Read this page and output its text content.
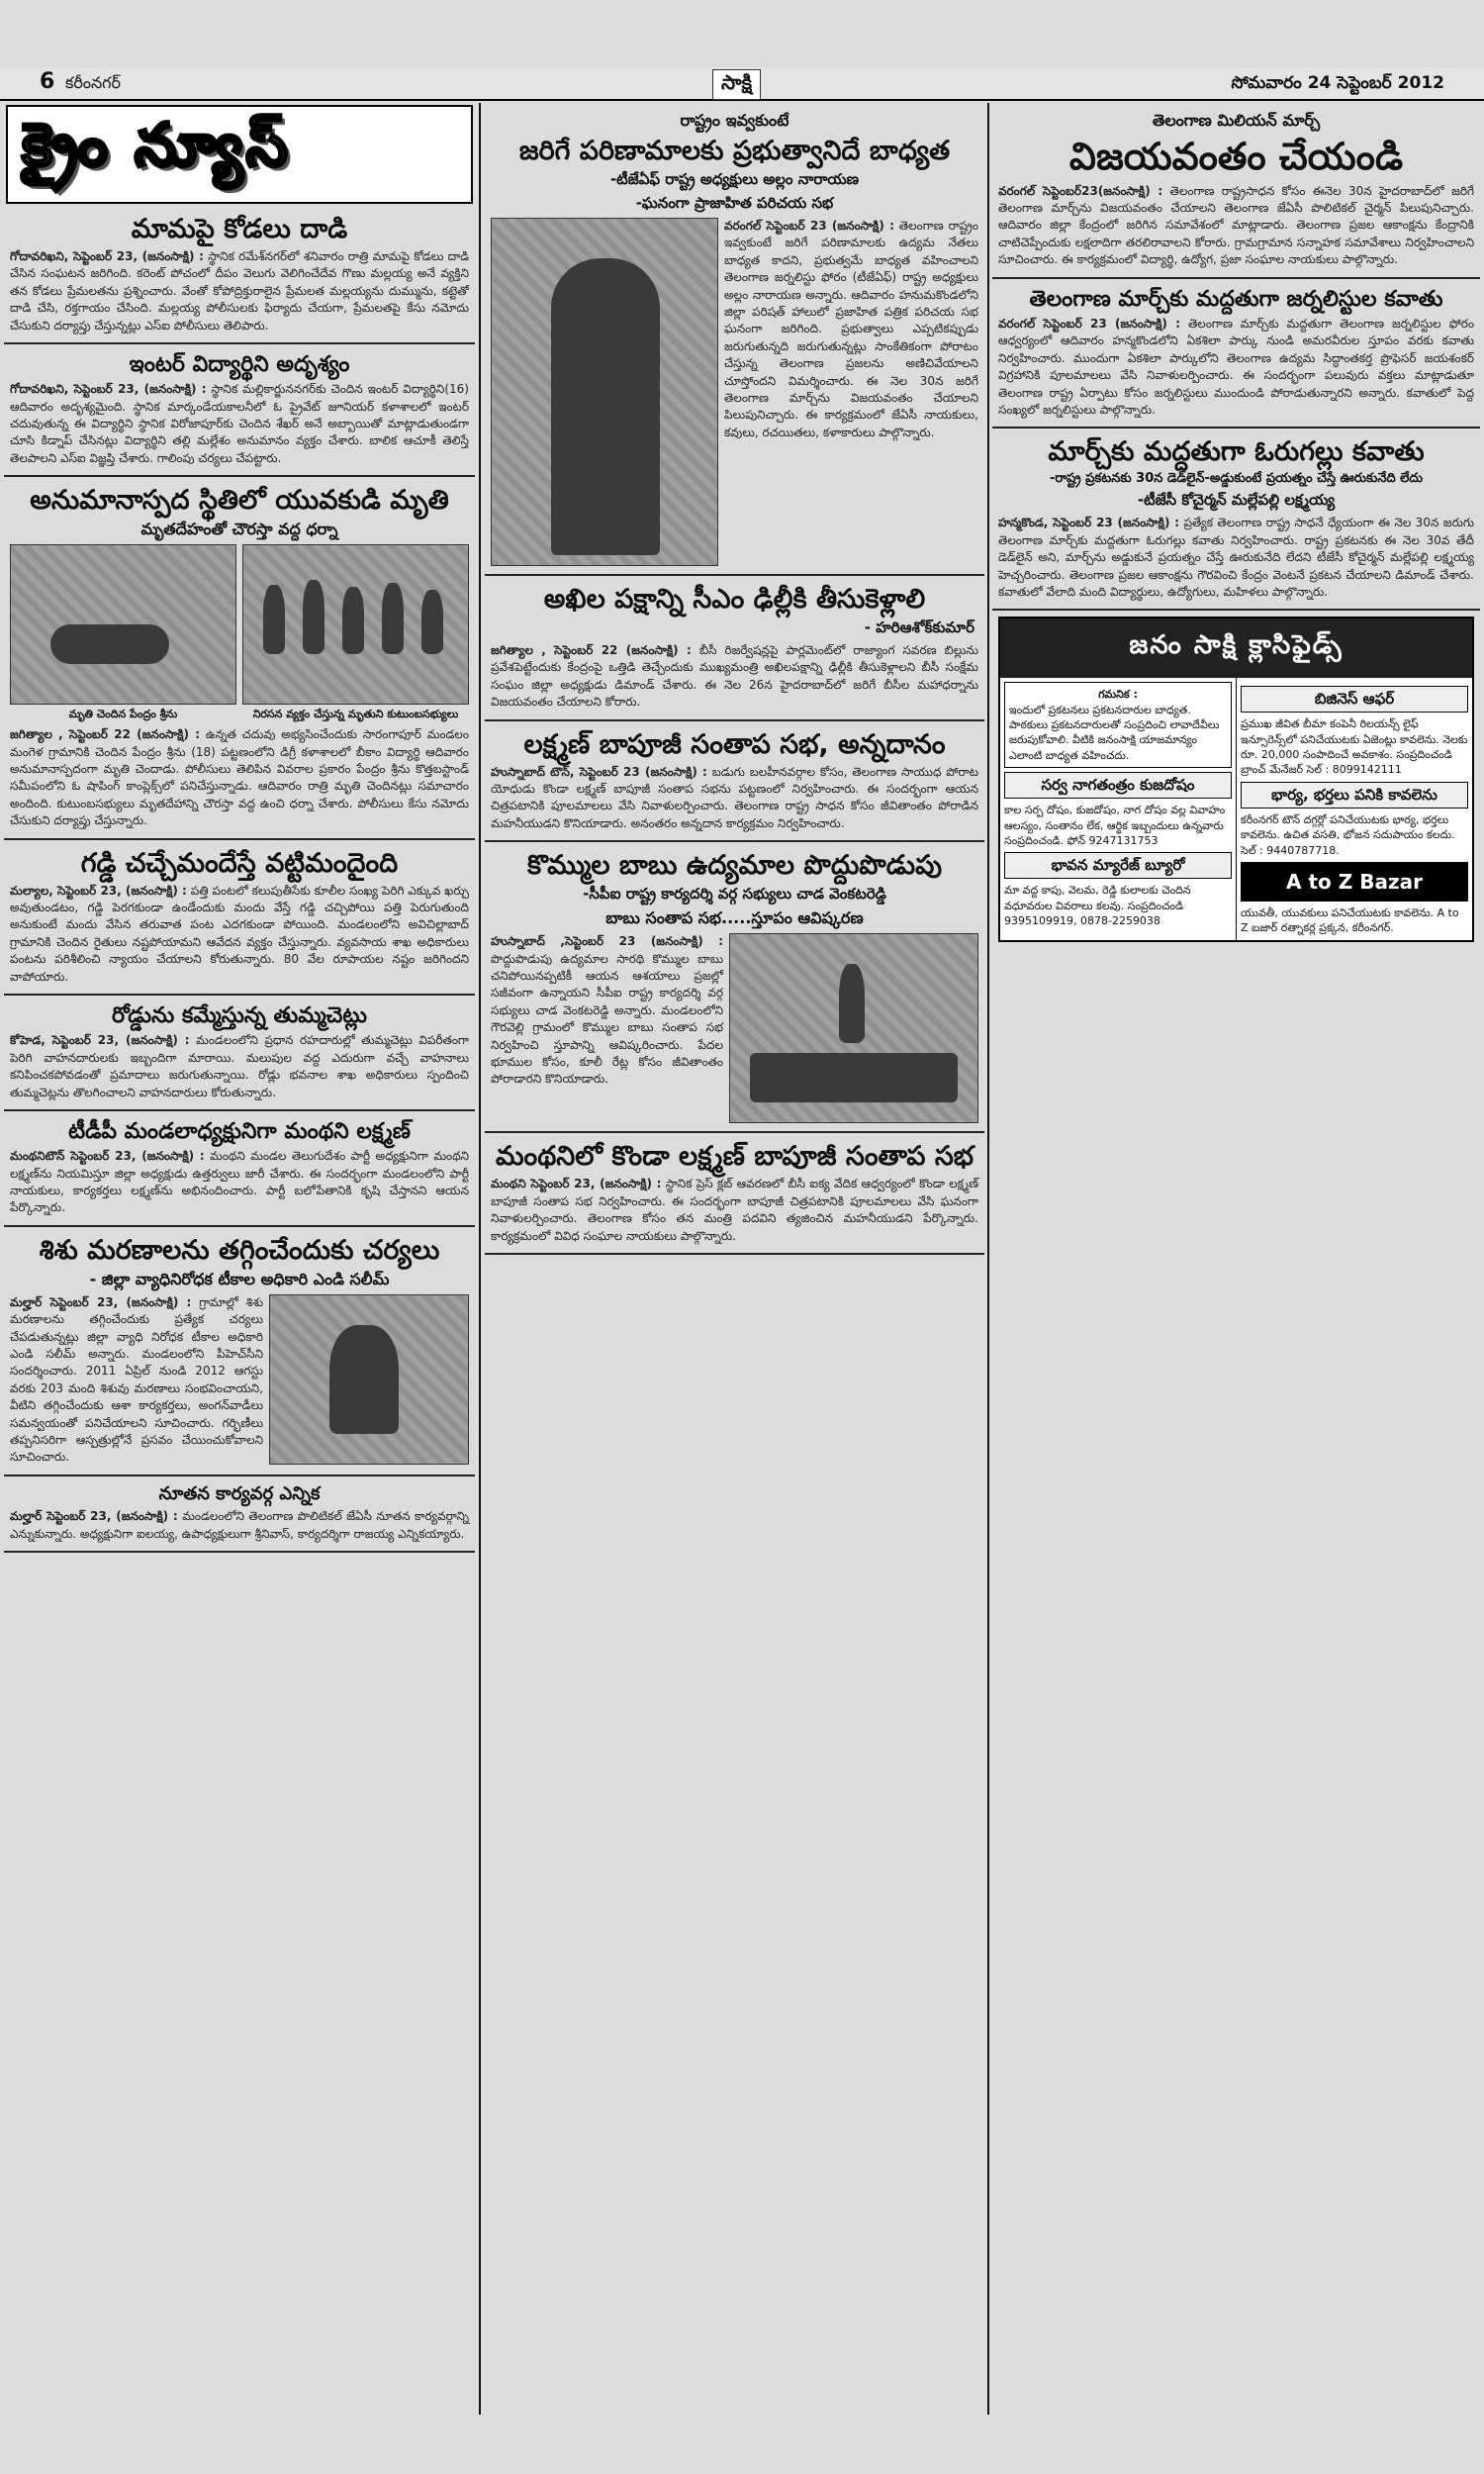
6 కరీంనగర్	సాక్షి	సోమవారం 24 సెప్టెంబర్ 2012
క్రైం న్యూస్
మామపై కోడలు దాడి
గోదావరిఖని, సెప్టెంబర్ 23, (జనంసాక్షి) : స్థానిక రమేశ్‌నగర్‌లో శనివారం రాత్రి మామపై కోడలు దాడి చేసిన సంఘటన జరిగింది. కరెంట్ పోచంలో దీపం వెలుగు వెలిగించేదేవ గొణు మల్లయ్య అనే వ్యక్తిని తన కోడలు ప్రేమలతను ప్రశ్నించారు. వేంతో కోపోద్రిక్తురాలైన ప్రేమలత మల్లయ్యను దుమ్మును, కట్టెతో దాడి చేసి, రక్తగాయం చేసింది. మల్లయ్య పోలీసులకు ఫిర్యాదు చేయగా, ప్రేమలతపై కేసు నమోదు చేసుకుని దర్యాప్తు చేస్తున్నట్లు ఎస్‌ఐ పోలీసులు తెలిపారు.
ఇంటర్ విద్యార్థిని అదృశ్యం
గోదావరిఖని, సెప్టెంబర్ 23, (జనంసాక్షి) : స్థానిక మల్లికార్జుననగర్‌కు చెందిన ఇంటర్ విద్యార్థిని(16) ఆదివారం అదృశ్యమైంది. స్థానిక మార్కండేయకాలనీలో ఓ ప్రైవేట్ జూనియర్ కళాశాలలో ఇంటర్ చదువుతున్న ఈ విద్యార్థిని స్థానిక విరోజాపూర్‌కు చెందిన శేఖర్ అనే అబ్బాయితో మాట్లాడుతుండగా చూసి కిడ్నాప్ చేసినట్లు విద్యార్థిని తల్లి మల్లేశం అనుమానం వ్యక్తం చేశారు. బాలిక ఆచూకీ తెలిస్తే తెలపాలని ఎస్‌ఐ విజ్ఞప్తి చేశారు. గాలింపు చర్యలు చేపట్టారు.
అనుమానాస్పద స్థితిలో యువకుడి మృతి
మృతదేహంతో చౌరస్తా వద్ద ధర్నా
మృతి చెందిన పేంద్రం శ్రీను	నిరసన వ్యక్తం చేస్తున్న మృతుని కుటుంబసభ్యులు
జగిత్యాల , సెప్టెంబర్ 22 (జనంసాక్షి) : ఉన్నత చదువు అభ్యసించేందుకు సారంగాపూర్ మండలం మంగెళ గ్రామానికి చెందిన పేంద్రం శ్రీను (18) పట్టణంలోని డిగ్రీ కళాశాలలో బీకాం విద్యార్థి ఆదివారం అనుమానాస్పదంగా మృతి చెందాడు. పోలీసులు తెలిపిన వివరాల ప్రకారం పేంద్రం శ్రీను కొత్తబస్టాండ్ సమీపంలోని ఓ షాపింగ్ కాంప్లెక్స్‌లో పనిచేస్తున్నాడు. ఆదివారం రాత్రి మృతి చెందినట్లు సమాచారం అందింది. కుటుంబసభ్యులు మృతదేహాన్ని చౌరస్తా వద్ద ఉంచి ధర్నా చేశారు. పోలీసులు కేసు నమోదు చేసుకుని దర్యాప్తు చేస్తున్నారు.
గడ్డి చచ్చేమందేస్తే వట్టిమందైంది
మల్యాల, సెప్టెంబర్ 23, (జనంసాక్షి) : పత్తి పంటలో కలుపుతీసేకు కూలీల సంఖ్య పెరిగి ఎక్కువ ఖర్చు అవుతుండటం, గడ్డి పెరగకుండా ఉండేందుకు మందు వేస్తే గడ్డి చచ్చిపోయి పత్తి పెరుగుతుంది అనుకుంటే మందు వేసిన తరువాత పంట ఎదగకుండా పోయింది. మండలంలోని అవిచిల్లాబాద్ గ్రామానికి చెందిన రైతులు నష్టపోయామని ఆవేదన వ్యక్తం చేస్తున్నారు. వ్యవసాయ శాఖ అధికారులు పంటను పరిశీలించి న్యాయం చేయాలని కోరుతున్నారు. 80 వేల రూపాయల నష్టం జరిగిందని వాపోయారు.
రోడ్డును కమ్మేస్తున్న తుమ్మచెట్లు
కోహెడ, సెప్టెంబర్ 23, (జనంసాక్షి) : మండలంలోని ప్రధాన రహదారుల్లో తుమ్మచెట్లు విపరీతంగా పెరిగి వాహనదారులకు ఇబ్బందిగా మారాయి. మలుపుల వద్ద ఎదురుగా వచ్చే వాహనాలు కనిపించకపోవడంతో ప్రమాదాలు జరుగుతున్నాయి. రోడ్లు భవనాల శాఖ అధికారులు స్పందించి తుమ్మచెట్లను తొలగించాలని వాహనదారులు కోరుతున్నారు.
టీడీపీ మండలాధ్యక్షునిగా మంథని లక్ష్మణ్
మంథనిటౌన్ సెప్టెంబర్ 23, (జనంసాక్షి) : మంథని మండల తెలుగుదేశం పార్టీ అధ్యక్షునిగా మంథని లక్ష్మణ్‌ను నియమిస్తూ జిల్లా అధ్యక్షుడు ఉత్తర్వులు జారీ చేశారు. ఈ సందర్భంగా మండలంలోని పార్టీ నాయకులు, కార్యకర్తలు లక్ష్మణ్‌ను అభినందించారు. పార్టీ బలోపేతానికి కృషి చేస్తానని ఆయన పేర్కొన్నారు.
శిశు మరణాలను తగ్గించేందుకు చర్యలు
- జిల్లా వ్యాధినిరోధక టీకాల అధికారి ఎండి సలీమ్
మల్హార్ సెప్టెంబర్ 23, (జనంసాక్షి) : గ్రామాల్లో శిశు మరణాలను తగ్గించేందుకు ప్రత్యేక చర్యలు చేపడుతున్నట్లు జిల్లా వ్యాధి నిరోధక టీకాల అధికారి ఎండి సలీమ్ అన్నారు. మండలంలోని పీహెచ్‌సీని సందర్శించారు. 2011 ఏప్రిల్ నుండి 2012 ఆగస్టు వరకు 203 మంది శిశువు మరణాలు సంభవించాయని, వీటిని తగ్గించేందుకు ఆశా కార్యకర్తలు, అంగన్‌వాడీలు సమన్వయంతో పనిచేయాలని సూచించారు. గర్భిణీలు తప్పనిసరిగా ఆస్పత్రుల్లోనే ప్రసవం చేయించుకోవాలని సూచించారు.
నూతన కార్యవర్గ ఎన్నిక
మల్హార్ సెప్టెంబర్ 23, (జనంసాక్షి) : మండలంలోని తెలంగాణ పొలిటికల్ జేఏసీ నూతన కార్యవర్గాన్ని ఎన్నుకున్నారు. అధ్యక్షునిగా ఐలయ్య, ఉపాధ్యక్షులుగా శ్రీనివాస్, కార్యదర్శిగా రాజయ్య ఎన్నికయ్యారు.
రాష్ట్రం ఇవ్వకుంటే
జరిగే పరిణామాలకు ప్రభుత్వానిదే బాధ్యత
-టీజేఏఫ్ రాష్ట్ర అధ్యక్షులు అల్లం నారాయణ
-ఘనంగా ప్రాజాహిత పరిచయ సభ
వరంగల్ సెప్టెంబర్ 23 (జనంసాక్షి) : తెలంగాణ రాష్ట్రం ఇవ్వకుంటే జరిగే పరిణామాలకు ఉద్యమ నేతలు బాధ్యత కాదని, ప్రభుత్వమే బాధ్యత వహించాలని తెలంగాణ జర్నలిస్టు ఫోరం (టీజేఏఫ్) రాష్ట్ర అధ్యక్షులు అల్లం నారాయణ అన్నారు. ఆదివారం హనుమకొండలోని జిల్లా పరిషత్ హాలులో ప్రజాహిత పత్రిక పరిచయ సభ ఘనంగా జరిగింది. ప్రభుత్వాలు ఎప్పటికప్పుడు జరుగుతున్నది జరుగుతున్నట్లు సాంకేతికంగా పోరాటం చేస్తున్న తెలంగాణ ప్రజలను అణిచివేయాలని చూస్తోందని విమర్శించారు. ఈ నెల 30న జరిగే తెలంగాణ మార్చ్‌ను విజయవంతం చేయాలని పిలుపునిచ్చారు. ఈ కార్యక్రమంలో జేఏసీ నాయకులు, కవులు, రచయితలు, కళాకారులు పాల్గొన్నారు.
అఖిల పక్షాన్ని సీఎం ఢిల్లీకి తీసుకెళ్లాలి
- హరిఆశోక్‌కుమార్
జగిత్యాల , సెప్టెంబర్ 22 (జనంసాక్షి) : బీసీ రిజర్వేషన్లపై పార్లమెంట్‌లో రాజ్యాంగ సవరణ బిల్లును ప్రవేశపెట్టేందుకు కేంద్రంపై ఒత్తిడి తెచ్చేందుకు ముఖ్యమంత్రి అఖిలపక్షాన్ని ఢిల్లీకి తీసుకెళ్లాలని బీసీ సంక్షేమ సంఘం జిల్లా అధ్యక్షుడు డిమాండ్ చేశారు. ఈ నెల 26న హైదరాబాద్‌లో జరిగే బీసీల మహాధర్నాను విజయవంతం చేయాలని కోరారు.
లక్ష్మణ్ బాపూజీ సంతాప సభ, అన్నదానం
హుస్నాబాద్ టౌన్, సెప్టెంబర్ 23 (జనంసాక్షి) : బడుగు బలహీనవర్గాల కోసం, తెలంగాణ సాయుధ పోరాట యోధుడు కొండా లక్ష్మణ్ బాపూజీ సంతాప సభను పట్టణంలో నిర్వహించారు. ఈ సందర్భంగా ఆయన చిత్రపటానికి పూలమాలలు వేసి నివాళులర్పించారు. తెలంగాణ రాష్ట్ర సాధన కోసం జీవితాంతం పోరాడిన మహనీయుడని కొనియాడారు. అనంతరం అన్నదాన కార్యక్రమం నిర్వహించారు.
కొమ్ముల బాబు ఉద్యమాల పొద్దుపొడుపు
-సీపీఐ రాష్ట్ర కార్యదర్శి వర్గ సభ్యులు చాడ వెంకటరెడ్డి
బాబు సంతాప సభ.....స్తూపం ఆవిష్కరణ
హుస్నాబాద్ ,సెప్టెంబర్ 23 (జనంసాక్షి) : పొద్దుపొడుపు ఉద్యమాల సారథి కొమ్ముల బాబు చనిపోయినప్పటికీ ఆయన ఆశయాలు ప్రజల్లో సజీవంగా ఉన్నాయని సీపీఐ రాష్ట్ర కార్యదర్శి వర్గ సభ్యులు చాడ వెంకటరెడ్డి అన్నారు. మండలంలోని గౌరవెల్లి గ్రామంలో కొమ్ముల బాబు సంతాప సభ నిర్వహించి స్తూపాన్ని ఆవిష్కరించారు. పేదల భూముల కోసం, కూలీ రేట్ల కోసం జీవితాంతం పోరాడారని కొనియాడారు.
మంథనిలో కొండా లక్ష్మణ్ బాపూజీ సంతాప సభ
మంథని సెప్టెంబర్ 23, (జనంసాక్షి) : స్థానిక ప్రెస్ క్లబ్ ఆవరణలో బీసీ ఐక్య వేదిక ఆధ్వర్యంలో కొండా లక్ష్మణ్ బాపూజీ సంతాప సభ నిర్వహించారు. ఈ సందర్భంగా బాపూజీ చిత్రపటానికి పూలమాలలు వేసి ఘనంగా నివాళులర్పించారు. తెలంగాణ కోసం తన మంత్రి పదవిని త్యజించిన మహనీయుడని పేర్కొన్నారు. కార్యక్రమంలో వివిధ సంఘాల నాయకులు పాల్గొన్నారు.
తెలంగాణ మిలియన్ మార్చ్
విజయవంతం చేయండి
వరంగల్ సెప్టెంబర్23(జనంసాక్షి) : తెలంగాణ రాష్ట్రసాధన కోసం ఈనెల 30న హైదరాబాద్‌లో జరిగే తెలంగాణ మార్చ్‌ను విజయవంతం చేయాలని తెలంగాణ జేఏసీ పొలిటికల్ చైర్మన్ పిలుపునిచ్చారు. ఆదివారం జిల్లా కేంద్రంలో జరిగిన సమావేశంలో మాట్లాడారు. తెలంగాణ ప్రజల ఆకాంక్షను కేంద్రానికి చాటిచెప్పేందుకు లక్షలాదిగా తరలిరావాలని కోరారు. గ్రామగ్రామాన సన్నాహక సమావేశాలు నిర్వహించాలని సూచించారు. ఈ కార్యక్రమంలో విద్యార్థి, ఉద్యోగ, ప్రజా సంఘాల నాయకులు పాల్గొన్నారు.
తెలంగాణ మార్చ్‌కు మద్దతుగా జర్నలిస్టుల కవాతు
వరంగల్ సెప్టెంబర్ 23 (జనంసాక్షి) : తెలంగాణ మార్చ్‌కు మద్దతుగా తెలంగాణ జర్నలిస్టుల ఫోరం ఆధ్వర్యంలో ఆదివారం హన్మకొండలోని ఏకశిలా పార్కు నుండి అమరవీరుల స్తూపం వరకు కవాతు నిర్వహించారు. ముందుగా ఏకశిలా పార్కులోని తెలంగాణ ఉద్యమ సిద్ధాంతకర్త ప్రొఫెసర్ జయశంకర్ విగ్రహానికి పూలమాలలు వేసి నివాళులర్పించారు. ఈ సందర్భంగా పలువురు వక్తలు మాట్లాడుతూ తెలంగాణ రాష్ట్ర ఏర్పాటు కోసం జర్నలిస్టులు ముందుండి పోరాడుతున్నారని అన్నారు. కవాతులో పెద్ద సంఖ్యలో జర్నలిస్టులు పాల్గొన్నారు.
మార్చ్‌కు మద్దతుగా ఓరుగల్లు కవాతు
-రాష్ట్ర ప్రకటనకు 30న డెడ్‌లైన్-అడ్డుకుంటే ప్రయత్నం చేస్తే ఊరుకునేది లేదు
-టీజేసీ కోచైర్మన్ మల్లేపల్లి లక్ష్మయ్య
హన్మకొండ, సెప్టెంబర్ 23 (జనంసాక్షి) : ప్రత్యేక తెలంగాణ రాష్ట్ర సాధనే ధ్యేయంగా ఈ నెల 30న జరుగు తెలంగాణ మార్చ్‌కు మద్దతుగా ఓరుగల్లు కవాతు నిర్వహించారు. రాష్ట్ర ప్రకటనకు ఈ నెల 30వ తేదీ డెడ్‌లైన్ అని, మార్చ్‌ను అడ్డుకునే ప్రయత్నం చేస్తే ఊరుకునేది లేదని టీజేసీ కోచైర్మన్ మల్లేపల్లి లక్ష్మయ్య హెచ్చరించారు. తెలంగాణ ప్రజల ఆకాంక్షను గౌరవించి కేంద్రం వెంటనే ప్రకటన చేయాలని డిమాండ్ చేశారు. కవాతులో వేలాది మంది విద్యార్థులు, ఉద్యోగులు, మహిళలు పాల్గొన్నారు.
జనం సాక్షి క్లాసిఫైడ్స్
గమనిక :
ఇందులో ప్రకటనలు ప్రకటనదారుల బాధ్యత. పాఠకులు ప్రకటనదారులతో సంప్రదించి లావాదేవీలు జరుపుకోవాలి. వీటికి జనంసాక్షి యాజమాన్యం ఎలాంటి బాధ్యత వహించదు.
సర్వ నాగతంత్రం కుజదోషం
కాల సర్ప దోషం, కుజదోషం, నాగ దోషం వల్ల వివాహం ఆలస్యం, సంతానం లేక, ఆర్థిక ఇబ్బందులు ఉన్నవారు సంప్రదించండి. ఫోన్ 9247131753
భావన మ్యారేజ్ బ్యూరో
మా వద్ద కాపు, వెలమ, రెడ్డి కులాలకు చెందిన వధూవరుల వివరాలు కలవు. సంప్రదించండి 9395109919, 0878-2259038
బిజినెస్ ఆఫర్
ప్రముఖ జీవిత బీమా కంపెనీ రిలయన్స్ లైఫ్ ఇన్సూరెన్స్‌లో పనిచేయుటకు ఏజెంట్లు కావలెను. నెలకు రూ. 20,000 సంపాదించే అవకాశం. సంప్రదించండి బ్రాంచ్ మేనేజర్ సెల్ : 8099142111
భార్య, భర్తలు పనికి కావలెను
కరీంనగర్ టౌన్ దగ్గర్లో పనిచేయుటకు భార్య, భర్తలు కావలెను. ఉచిత వసతి, భోజన సదుపాయం కలదు. సెల్ : 9440787718.
A to Z Bazar
యువతీ, యువకులు పనిచేయుటకు కావలెను. A to Z బజార్ రత్నాకర్ల ప్రక్కన, కరీంనగర్.
